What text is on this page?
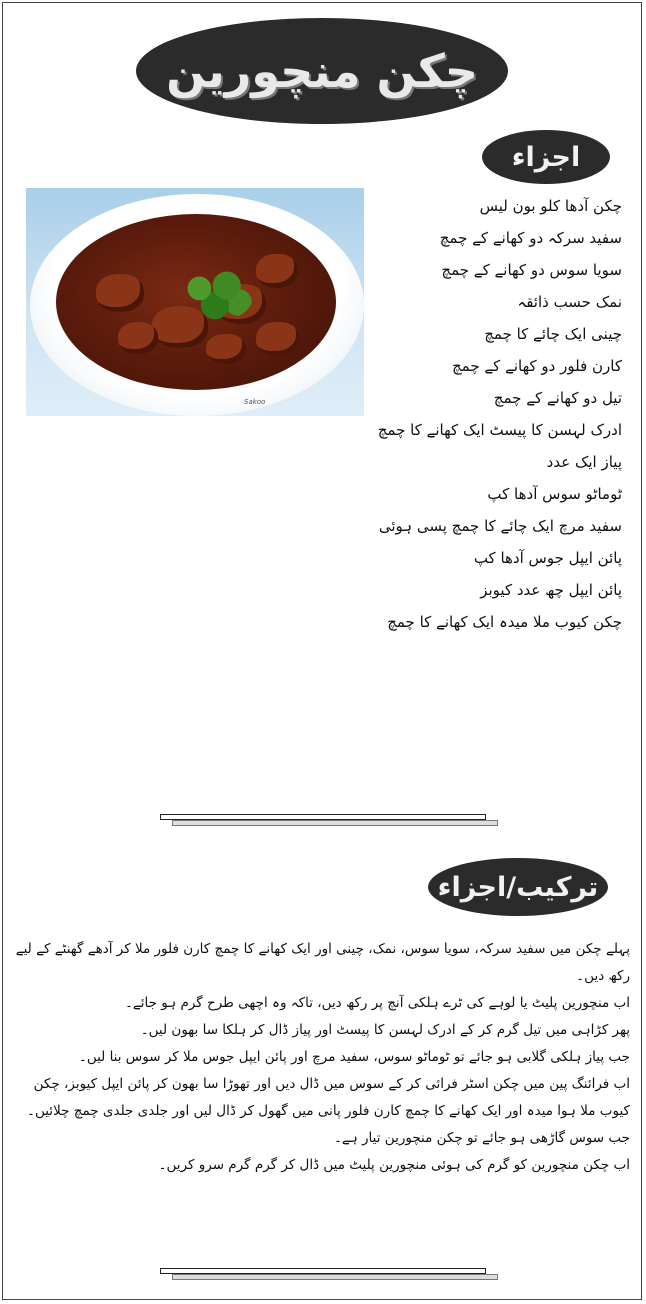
چکن منچورین
اجزاء
Sakoo
چکن آدھا کلو بون لیس
سفید سرکہ دو کھانے کے چمچ
سویا سوس دو کھانے کے چمچ
نمک حسب ذائقہ
چینی ایک چائے کا چمچ
کارن فلور دو کھانے کے چمچ
تیل دو کھانے کے چمچ
ادرک لہسن کا پیسٹ ایک کھانے کا چمچ
پیاز ایک عدد
ٹوماٹو سوس آدھا کپ
سفید مرچ ایک چائے کا چمچ پسی ہوئی
پائن ایپل جوس آدھا کپ
پائن ایپل چھ عدد کیوبز
چکن کیوب ملا میدہ ایک کھانے کا چمچ
ترکیب/اجزاء
پہلے چکن میں سفید سرکہ، سویا سوس، نمک، چینی اور ایک کھانے کا چمچ کارن فلور ملا کر آدھے گھنٹے کے لیے رکھ دیں۔
اب منچورین پلیٹ یا لوہے کی ٹرے ہلکی آنچ پر رکھ دیں، تاکہ وہ اچھی طرح گرم ہو جائے۔
پھر کڑاہی میں تیل گرم کر کے ادرک لہسن کا پیسٹ اور پیاز ڈال کر ہلکا سا بھون لیں۔
جب پیاز ہلکی گلابی ہو جائے تو ٹوماٹو سوس، سفید مرچ اور پائن ایپل جوس ملا کر سوس بنا لیں۔
اب فرائنگ پین میں چکن اسٹر فرائی کر کے سوس میں ڈال دیں اور تھوڑا سا بھون کر پائن ایپل کیوبز، چکن کیوب ملا ہوا میدہ اور ایک کھانے کا چمچ کارن فلور پانی میں گھول کر ڈال لیں اور جلدی جلدی چمچ چلائیں۔
جب سوس گاڑھی ہو جائے تو چکن منچورین تیار ہے۔
اب چکن منچورین کو گرم کی ہوئی منچورین پلیٹ میں ڈال کر گرم گرم سرو کریں۔
